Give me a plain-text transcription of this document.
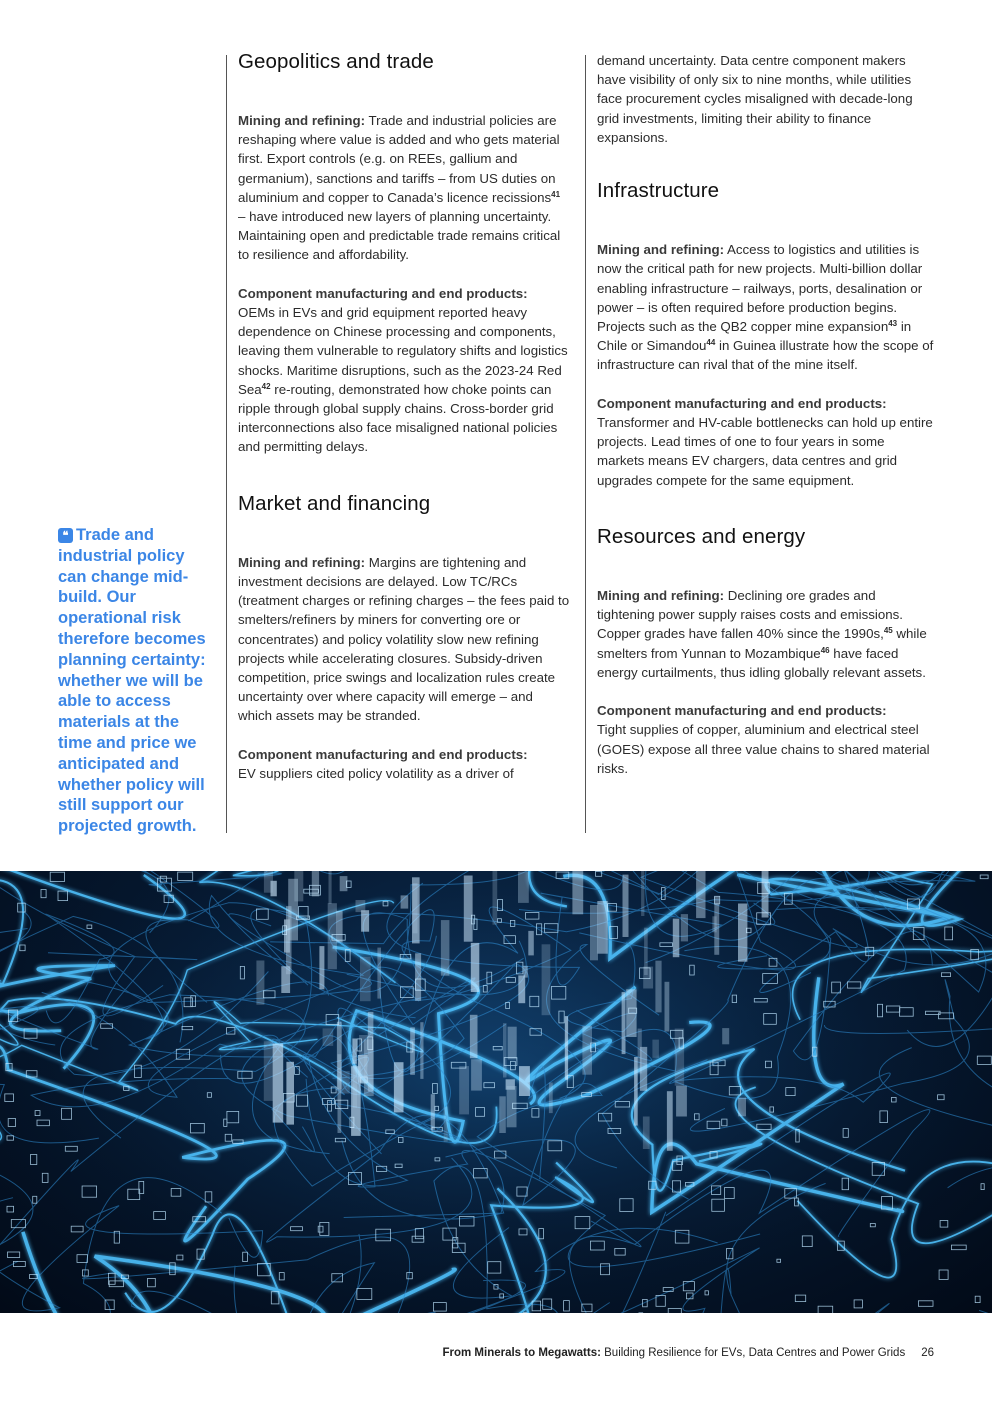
❝ Trade and industrial policy can change mid-build. Our operational risk therefore becomes planning certainty: whether we will be able to access materials at the time and price we anticipated and whether policy will still support our projected growth.
Geopolitics and trade

Mining and refining: Trade and industrial policies are reshaping where value is added and who gets material first. Export controls (e.g. on REEs, gallium and germanium), sanctions and tariffs – from US duties on aluminium and copper to Canada’s licence recissions$^{41}$ – have introduced new layers of planning uncertainty. Maintaining open and predictable trade remains critical to resilience and affordability.

Component manufacturing and end products:
OEMs in EVs and grid equipment reported heavy dependence on Chinese processing and components, leaving them vulnerable to regulatory shifts and logistics shocks. Maritime disruptions, such as the 2023-24 Red Sea$^{42}$ re-routing, demonstrated how choke points can ripple through global supply chains. Cross-border grid interconnections also face misaligned national policies and permitting delays.

Market and financing

Mining and refining: Margins are tightening and investment decisions are delayed. Low TC/RCs (treatment charges or refining charges – the fees paid to smelters/refiners by miners for converting ore or concentrates) and policy volatility slow new refining projects while accelerating closures. Subsidy-driven competition, price swings and localization rules create uncertainty over where capacity will emerge – and which assets may be stranded.

Component manufacturing and end products:
EV suppliers cited policy volatility as a driver of

demand uncertainty. Data centre component makers have visibility of only six to nine months, while utilities face procurement cycles misaligned with decade-long grid investments, limiting their ability to finance expansions.

Infrastructure

Mining and refining: Access to logistics and utilities is now the critical path for new projects. Multi-billion dollar enabling infrastructure – railways, ports, desalination or power – is often required before production begins. Projects such as the QB2 copper mine expansion$^{43}$ in Chile or Simandou$^{44}$ in Guinea illustrate how the scope of infrastructure can rival that of the mine itself.

Component manufacturing and end products:
Transformer and HV-cable bottlenecks can hold up entire projects. Lead times of one to four years in some markets means EV chargers, data centres and grid upgrades compete for the same equipment.

Resources and energy

Mining and refining: Declining ore grades and tightening power supply raises costs and emissions. Copper grades have fallen 40% since the 1990s,$^{45}$ while smelters from Yunnan to Mozambique$^{46}$ have faced energy curtailments, thus idling globally relevant assets.

Component manufacturing and end products:
Tight supplies of copper, aluminium and electrical steel (GOES) expose all three value chains to shared material risks.

From Minerals to Megawatts: Building Resilience for EVs, Data Centres and Power Grids 26
